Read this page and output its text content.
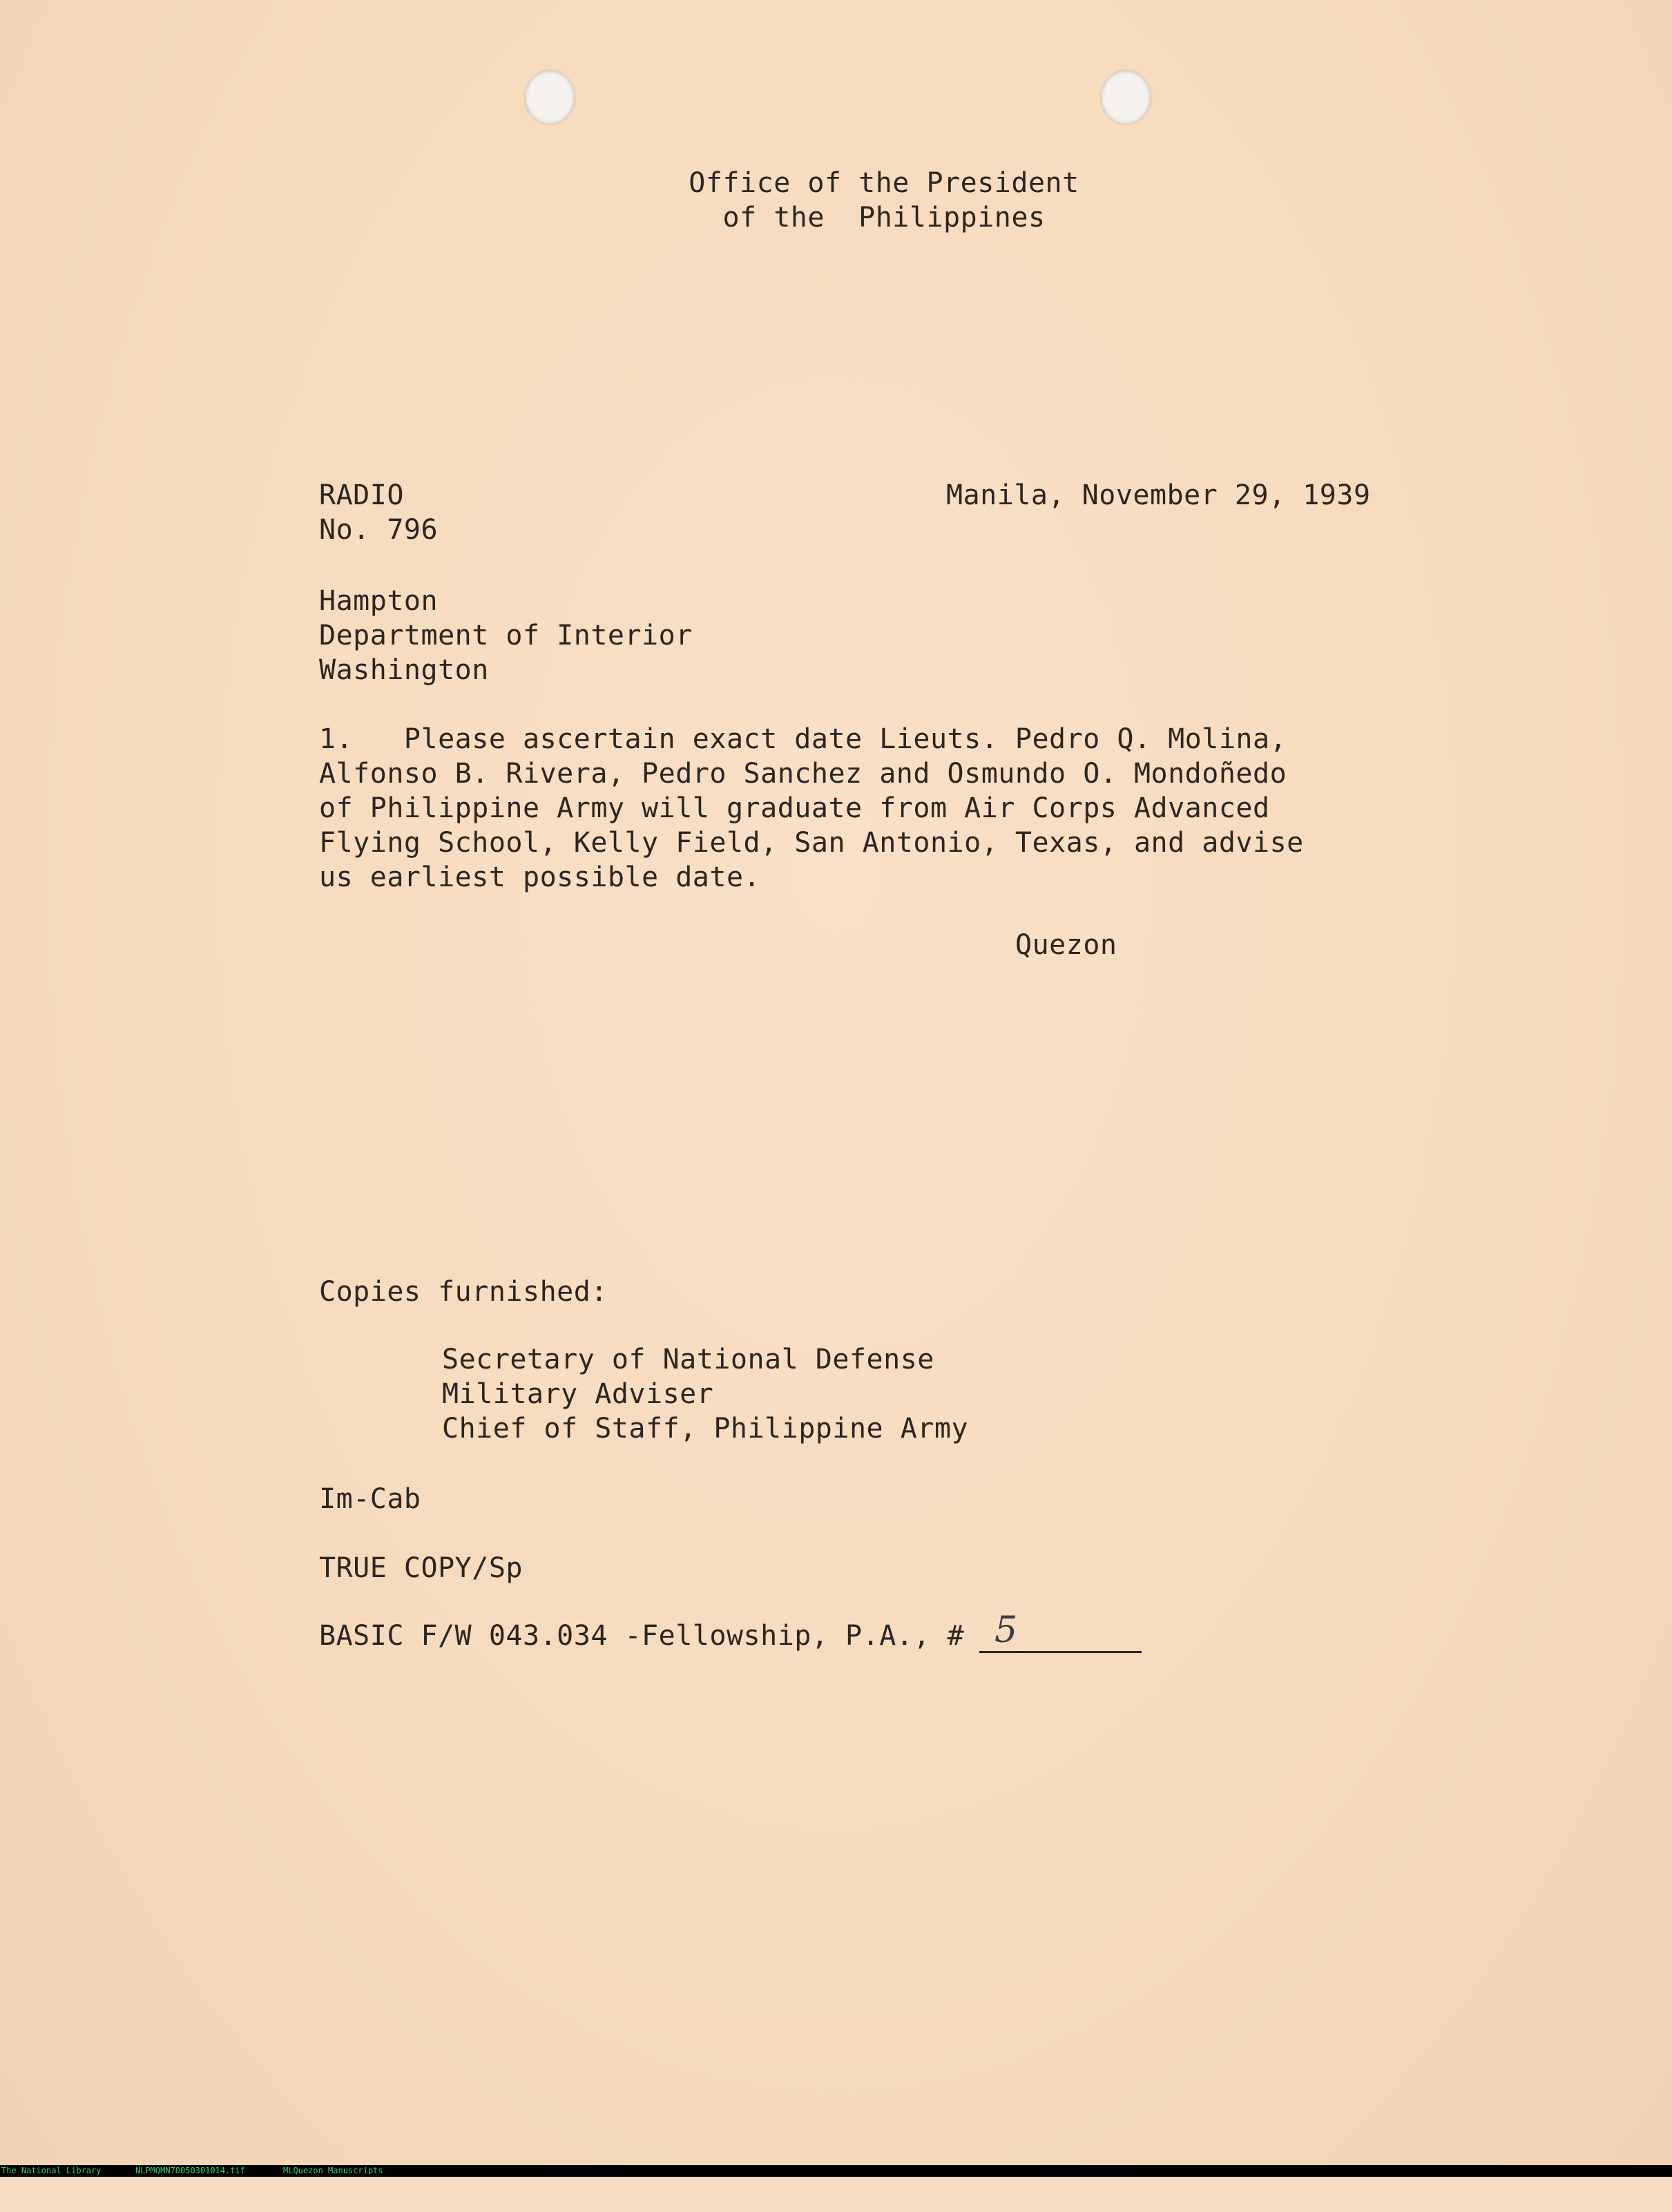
Office of the President
of the  Philippines
RADIO
No. 796
Manila, November 29, 1939
Hampton
Department of Interior
Washington
1.   Please ascertain exact date Lieuts. Pedro Q. Molina,
Alfonso B. Rivera, Pedro Sanchez and Osmundo O. Mondoñedo
of Philippine Army will graduate from Air Corps Advanced
Flying School, Kelly Field, San Antonio, Texas, and advise
us earliest possible date.
Quezon
Copies furnished:
Secretary of National Defense
Military Adviser
Chief of Staff, Philippine Army
Im-Cab
TRUE COPY/Sp
BASIC F/W 043.034 -Fellowship, P.A., # 5

The National Library

	NLPMQMN70050301014.tif

	MLQuezon Manuscripts
